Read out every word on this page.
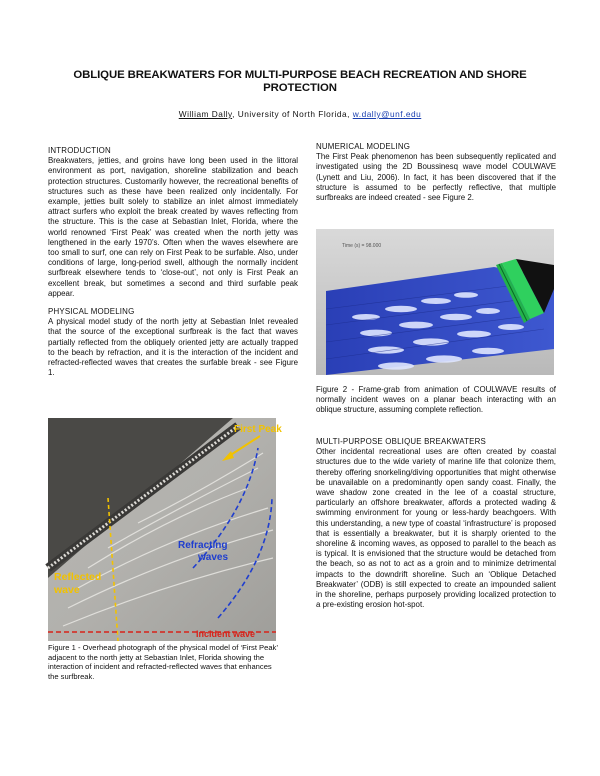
OBLIQUE BREAKWATERS FOR MULTI-PURPOSE BEACH RECREATION AND SHORE PROTECTION
William Dally, University of North Florida, w.dally@unf.edu
INTRODUCTION

Breakwaters, jetties, and groins have long been used in the littoral environment as port, navigation, shoreline stabilization and beach protection structures. Customarily however, the recreational benefits of structures such as these have been realized only incidentally. For example, jetties built solely to stabilize an inlet almost immediately attract surfers who exploit the break created by waves reflecting from the structure. This is the case at Sebastian Inlet, Florida, where the world renowned ‘First Peak’ was created when the north jetty was lengthened in the early 1970’s. Often when the waves elsewhere are too small to surf, one can rely on First Peak to be surfable. Also, under conditions of large, long-period swell, although the normally incident surfbreak elsewhere tends to ‘close-out’, not only is First Peak an excellent break, but sometimes a second and third surfable peak appear.

PHYSICAL MODELING

A physical model study of the north jetty at Sebastian Inlet revealed that the source of the exceptional surfbreak is the fact that waves partially reflected from the obliquely oriented jetty are actually trapped to the beach by refraction, and it is the interaction of the incident and refracted-reflected waves that creates the surfable break - see Figure 1.

First Peak
Refracting waves
Reflected wave
Incident wave
Figure 1 - Overhead photograph of the physical model of ‘First Peak’ adjacent to the north jetty at Sebastian Inlet, Florida showing the interaction of incident and refracted-reflected waves that enhances the surfbreak.
NUMERICAL MODELING

The First Peak phenomenon has been subsequently replicated and investigated using the 2D Boussinesq wave model COULWAVE (Lynett and Liu, 2006). In fact, it has been discovered that if the structure is assumed to be perfectly reflective, that multiple surfbreaks are indeed created - see Figure 2.

Time (s) = 98.000
Figure 2 - Frame-grab from animation of COULWAVE results of normally incident waves on a planar beach interacting with an oblique structure, assuming complete reflection.
MULTI-PURPOSE OBLIQUE BREAKWATERS

Other incidental recreational uses are often created by coastal structures due to the wide variety of marine life that colonize them, thereby offering snorkeling/diving opportunities that might otherwise be unavailable on a predominantly open sandy coast. Finally, the wave shadow zone created in the lee of a coastal structure, particularly an offshore breakwater, affords a protected wading & swimming environment for young or less-hardy beachgoers. With this understanding, a new type of coastal ‘infrastructure’ is proposed that is essentially a breakwater, but it is sharply oriented to the shoreline & incoming waves, as opposed to parallel to the beach as is typical. It is envisioned that the structure would be detached from the beach, so as not to act as a groin and to minimize detrimental impacts to the downdrift shoreline. Such an ‘Oblique Detached Breakwater’ (ODB) is still expected to create an impounded salient in the shoreline, perhaps purposely providing localized protection to a pre-existing erosion hot-spot.
